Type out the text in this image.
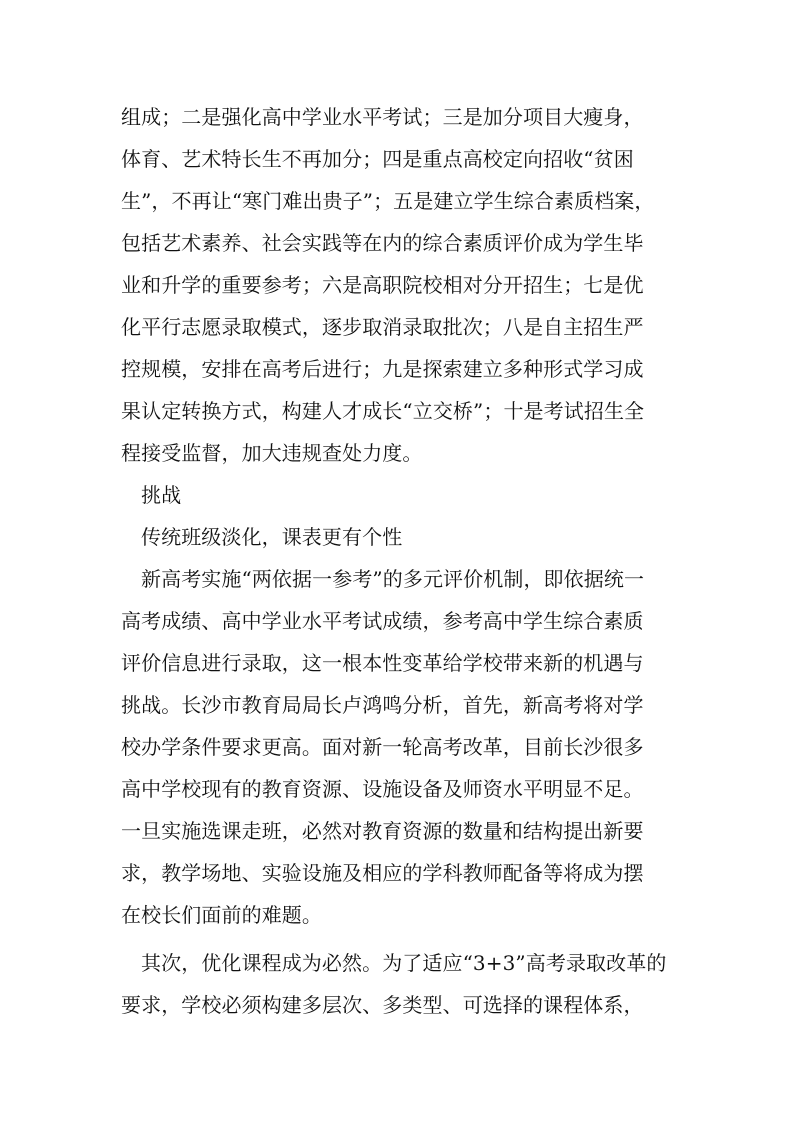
组成；二是强化高中学业水平考试；三是加分项目大瘦身，
体育、艺术特长生不再加分；四是重点高校定向招收“贫困
生”，不再让“寒门难出贵子”；五是建立学生综合素质档案，
包括艺术素养、社会实践等在内的综合素质评价成为学生毕
业和升学的重要参考；六是高职院校相对分开招生；七是优
化平行志愿录取模式，逐步取消录取批次；八是自主招生严
控规模，安排在高考后进行；九是探索建立多种形式学习成
果认定转换方式，构建人才成长“立交桥”；十是考试招生全
程接受监督，加大违规查处力度。
挑战
传统班级淡化，课表更有个性
新高考实施“两依据一参考”的多元评价机制，即依据统一
高考成绩、高中学业水平考试成绩，参考高中学生综合素质
评价信息进行录取，这一根本性变革给学校带来新的机遇与
挑战。长沙市教育局局长卢鸿鸣分析，首先，新高考将对学
校办学条件要求更高。面对新一轮高考改革，目前长沙很多
高中学校现有的教育资源、设施设备及师资水平明显不足。
一旦实施选课走班，必然对教育资源的数量和结构提出新要
求，教学场地、实验设施及相应的学科教师配备等将成为摆
在校长们面前的难题。
其次，优化课程成为必然。为了适应“3+3”高考录取改革的
要求，学校必须构建多层次、多类型、可选择的课程体系，
